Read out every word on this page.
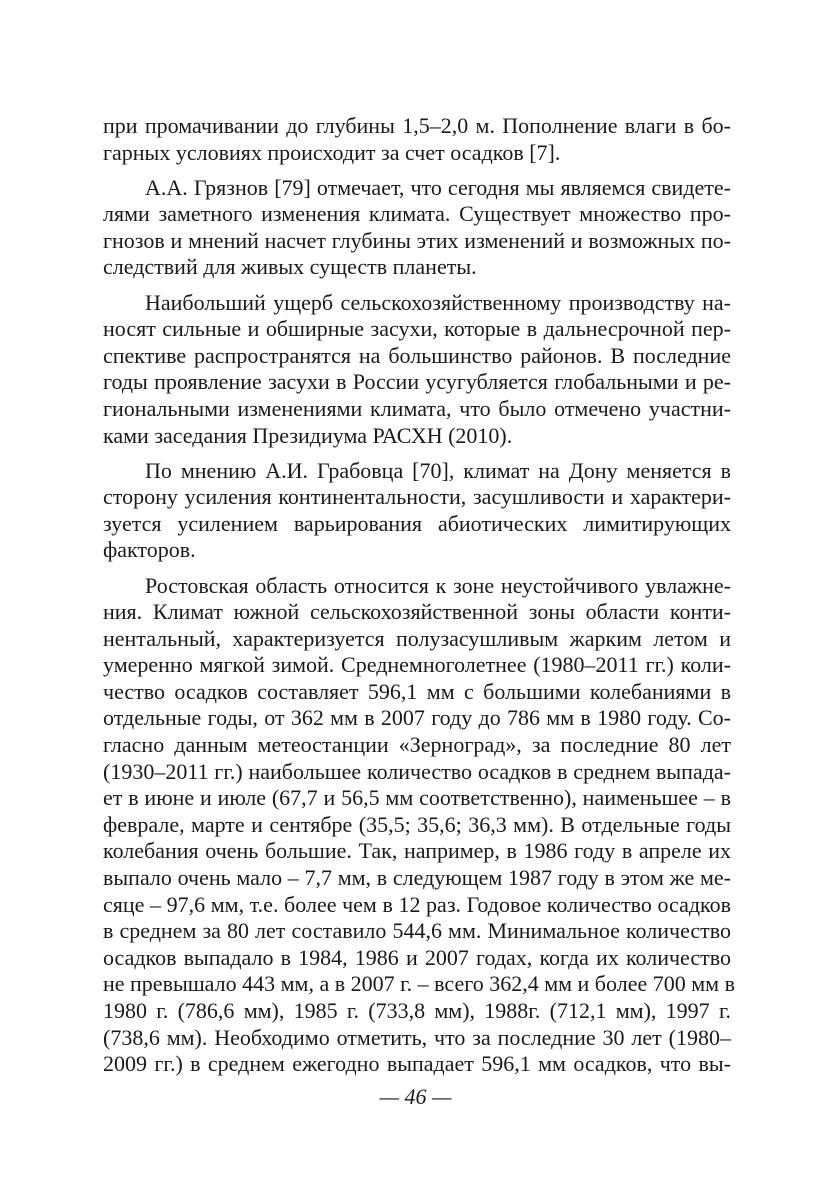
при промачивании до глубины 1,5–2,0 м. Пополнение влаги в бо-
гарных условиях происходит за счет осадков [7].
А.А. Грязнов [79] отмечает, что сегодня мы являемся свидете-
лями заметного изменения климата. Существует множество про-
гнозов и мнений насчет глубины этих изменений и возможных по-
следствий для живых существ планеты.
Наибольший ущерб сельскохозяйственному производству на-
носят сильные и обширные засухи, которые в дальнесрочной пер-
спективе распространятся на большинство районов. В последние
годы проявление засухи в России усугубляется глобальными и ре-
гиональными изменениями климата, что было отмечено участни-
ками заседания Президиума РАСХН (2010).
По мнению А.И. Грабовца [70], климат на Дону меняется в
сторону усиления континентальности, засушливости и характери-
зуется усилением варьирования абиотических лимитирующих
факторов.
Ростовская область относится к зоне неустойчивого увлажне-
ния. Климат южной сельскохозяйственной зоны области конти-
нентальный, характеризуется полузасушливым жарким летом и
умеренно мягкой зимой. Среднемноголетнее (1980–2011 гг.) коли-
чество осадков составляет 596,1 мм с большими колебаниями в
отдельные годы, от 362 мм в 2007 году до 786 мм в 1980 году. Со-
гласно данным метеостанции «Зерноград», за последние 80 лет
(1930–2011 гг.) наибольшее количество осадков в среднем выпада-
ет в июне и июле (67,7 и 56,5 мм соответственно), наименьшее – в
феврале, марте и сентябре (35,5; 35,6; 36,3 мм). В отдельные годы
колебания очень большие. Так, например, в 1986 году в апреле их
выпало очень мало – 7,7 мм, в следующем 1987 году в этом же ме-
сяце – 97,6 мм, т.е. более чем в 12 раз. Годовое количество осадков
в среднем за 80 лет составило 544,6 мм. Минимальное количество
осадков выпадало в 1984, 1986 и 2007 годах, когда их количество
не превышало 443 мм, а в 2007 г. – всего 362,4 мм и более 700 мм в
1980 г. (786,6 мм), 1985 г. (733,8 мм), 1988г. (712,1 мм), 1997 г.
(738,6 мм). Необходимо отметить, что за последние 30 лет (1980–
2009 гг.) в среднем ежегодно выпадает 596,1 мм осадков, что вы-
— 46 —
